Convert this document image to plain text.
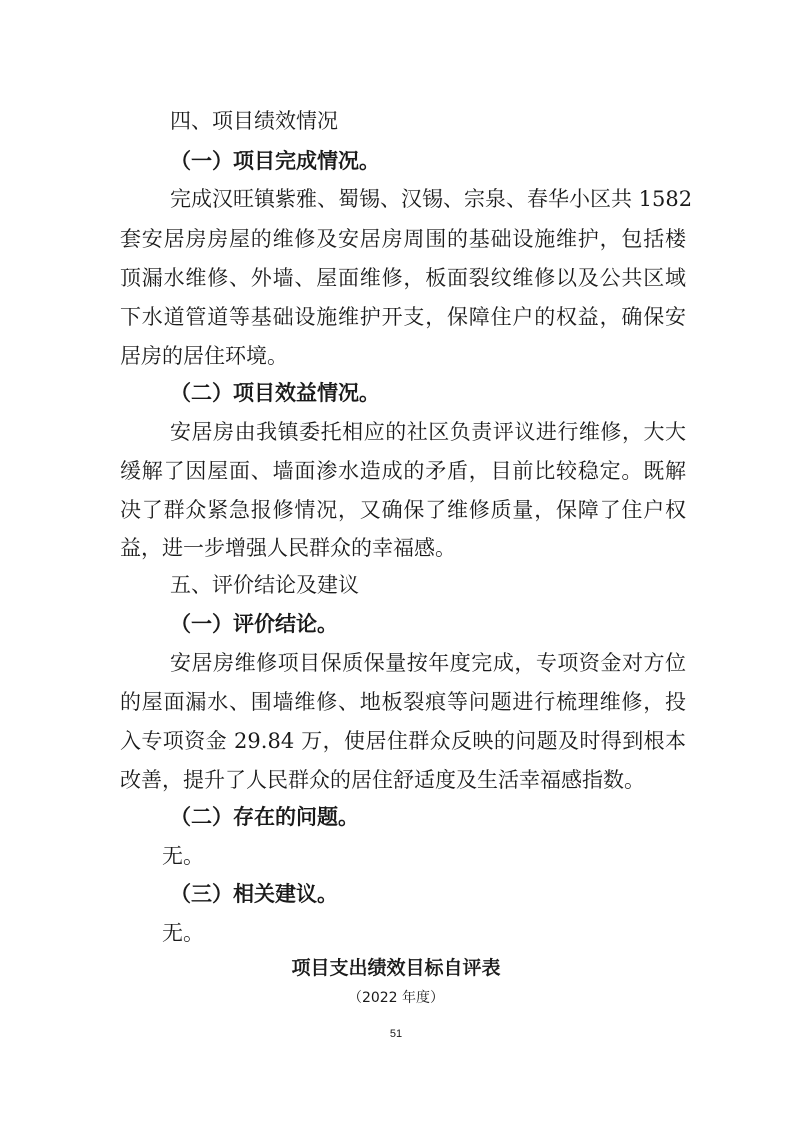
四、项目绩效情况
（一）项目完成情况。
完成汉旺镇紫雅、蜀锡、汉锡、宗泉、春华小区共 1582
套安居房房屋的维修及安居房周围的基础设施维护，包括楼
顶漏水维修、外墙、屋面维修，板面裂纹维修以及公共区域
下水道管道等基础设施维护开支，保障住户的权益，确保安
居房的居住环境。
（二）项目效益情况。
安居房由我镇委托相应的社区负责评议进行维修，大大
缓解了因屋面、墙面渗水造成的矛盾，目前比较稳定。既解
决了群众紧急报修情况，又确保了维修质量，保障了住户权
益，进一步增强人民群众的幸福感。
五、评价结论及建议
（一）评价结论。
安居房维修项目保质保量按年度完成，专项资金对方位
的屋面漏水、围墙维修、地板裂痕等问题进行梳理维修，投
入专项资金 29.84 万，使居住群众反映的问题及时得到根本
改善，提升了人民群众的居住舒适度及生活幸福感指数。
（二）存在的问题。
无。
（三）相关建议。
无。
项目支出绩效目标自评表
（2022 年度）
51
